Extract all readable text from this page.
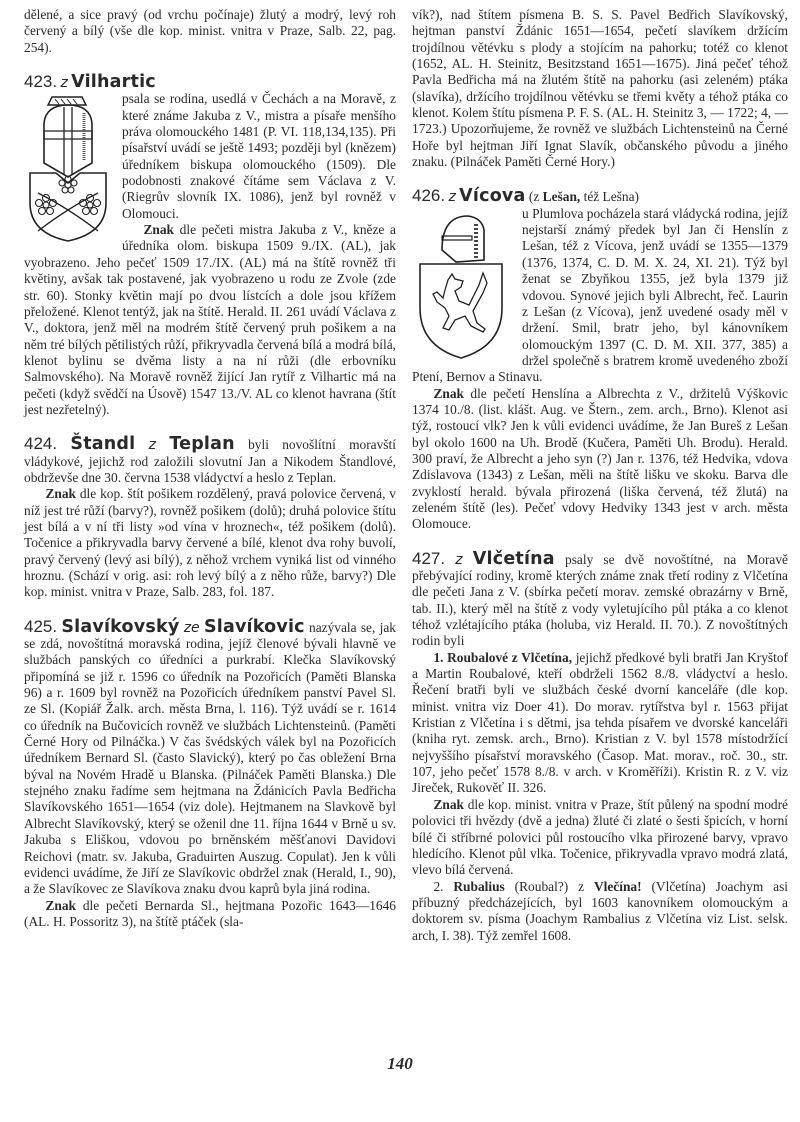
dělené, a sice pravý (od vrchu počínaje) žlutý a modrý, levý roh červený a bílý (vše dle kop. minist. vnitra v Praze, Salb. 22, pag. 254).

423. z Vilhartic

psala se rodina, usedlá v Čechách a na Moravě, z které známe Jakuba z V., mistra a písaře menšího práva olomouckého 1481 (P. VI. 118,134,135). Při písařství uvádí se ještě 1493; později byl (knězem) úředníkem biskupa olomouckého (1509). Dle podobnosti znakové čítáme sem Václava z V. (Riegrův slovník IX. 1086), jenž byl rovněž v Olomouci.

Znak dle pečeti mistra Jakuba z V., kněze a úředníka olom. biskupa 1509 9./IX. (AL), jak vyobrazeno. Jeho pečeť 1509 17./IX. (AL) má na štítě rovněž tři květiny, avšak tak postavené, jak vyobrazeno u rodu ze Zvole (zde str. 60). Stonky květin mají po dvou lístcích a dole jsou křížem přeložené. Klenot tentýž, jak na štítě. Herald. II. 261 uvádí Václava z V., doktora, jenž měl na modrém štítě červený pruh pošikem a na něm tré bílých pětilistých růží, přikryvadla červená bílá a modrá bílá, klenot bylinu se dvěma listy a na ní růži (dle erbovníku Salmovského). Na Moravě rovněž žijící Jan rytíř z Vilhartic má na pečeti (když svědčí na Úsově) 1547 13./V. AL co klenot havrana (štít jest nezřetelný).

424. Štandl z Teplan byli novošlítní moravští vládykové, jejichž rod založili slovutní Jan a Nikodem Štandlové, obdrževše dne 30. června 1538 vládyctví a heslo z Teplan.

Znak dle kop. štít pošikem rozdělený, pravá polovice červená, v níž jest tré růží (barvy?), rovněž pošikem (dolů); druhá polovice štítu jest bílá a v ní tři listy »od vína v hroznech«, též pošikem (dolů). Točenice a přikryvadla barvy červené a bílé, klenot dva rohy buvolí, pravý červený (levý asi bílý), z něhož vrchem vyniká list od vinného hroznu. (Schází v orig. asi: roh levý bílý a z něho růže, barvy?) Dle kop. minist. vnitra v Praze, Salb. 283, fol. 187.

425. Slavíkovský ze Slavíkovic nazývala se, jak se zdá, novoštítná moravská rodina, jejíž členové bývali hlavně ve službách panských co úředníci a purkrabí. Klečka Slavíkovský připomíná se již r. 1596 co úředník na Pozořicích (Paměti Blanska 96) a r. 1609 byl rovněž na Pozořicích úředníkem panství Pavel Sl. ze Sl. (Kopiář Žalk. arch. města Brna, l. 116). Týž uvádí se r. 1614 co úředník na Bučovicích rovněž ve službách Lichtensteinů. (Paměti Černé Hory od Pilnáčka.) V čas švédských válek byl na Pozořicích úředníkem Bernard Sl. (často Slavický), který po čas obležení Brna býval na Novém Hradě u Blanska. (Pilnáček Paměti Blanska.) Dle stejného znaku řadíme sem hejtmana na Ždánicích Pavla Bedřicha Slavíkovského 1651—1654 (viz dole). Hejtmanem na Slavkově byl Albrecht Slavíkovský, který se oženil dne 11. října 1644 v Brně u sv. Jakuba s Eliškou, vdovou po brněnském měšťanovi Davidovi Reichovi (matr. sv. Jakuba, Graduirten Auszug. Copulat). Jen k vůli evidenci uvádíme, že Jiří ze Slavíkovic obdržel znak (Herald, I., 90), a že Slavíkovec ze Slavíkova znaku dvou kaprů byla jiná rodina.

Znak dle pečeti Bernarda Sl., hejtmana Pozořic 1643—1646 (AL. H. Possoritz 3), na štítě ptáček (sla-

vík?), nad štítem písmena B. S. S. Pavel Bedřich Slavíkovský, hejtman panství Ždánic 1651—1654, pečetí slavíkem držícím trojdílnou větévku s plody a stojícím na pahorku; totéž co klenot (1652, AL. H. Steinitz, Besitzstand 1651—1675). Jiná pečeť téhož Pavla Bedřicha má na žlutém štítě na pahorku (asi zeleném) ptáka (slavíka), držícího trojdílnou větévku se třemi květy a téhož ptáka co klenot. Kolem štítu písmena P. F. S. (AL. H. Steinitz 3, — 1722; 4, — 1723.) Upozorňujeme, že rovněž ve službách Lichtensteinů na Černé Hoře byl hejtman Jiří Ignat Slavík, občanského původu a jiného znaku. (Pilnáček Paměti Černé Hory.)

426. z Vícova (z Lešan, též Lešna)

u Plumlova pocházela stará vládycká rodina, jejíž nejstarší známý předek byl Jan či Henslín z Lešan, též z Vícova, jenž uvádí se 1355—1379 (1376, 1374, C. D. M. X. 24, XI. 21). Týž byl ženat se Zbyňkou 1355, jež byla 1379 již vdovou. Synové jejich byli Albrecht, řeč. Laurin z Lešan (z Vícova), jenž uvedené osady měl v držení. Smil, bratr jeho, byl kánovníkem olomouckým 1397 (C. D. M. XII. 377, 385) a držel společně s bratrem kromě uvedeného zboží Ptení, Bernov a Stinavu.

Znak dle pečetí Henslína a Albrechta z V., držitelů Výškovic 1374 10./8. (list. klášt. Aug. ve Štern., zem. arch., Brno). Klenot asi týž, rostoucí vlk? Jen k vůli evidenci uvádíme, že Jan Bureš z Lešan byl okolo 1600 na Uh. Brodě (Kučera, Paměti Uh. Brodu). Herald. 300 praví, že Albrecht a jeho syn (?) Jan r. 1376, též Hedvika, vdova Zdislavova (1343) z Lešan, měli na štítě lišku ve skoku. Barva dle zvyklostí herald. bývala přirozená (liška červená, též žlutá) na zeleném štítě (les). Pečeť vdovy Hedviky 1343 jest v arch. města Olomouce.

427. z Vlčetína psaly se dvě novoštítné, na Moravě přebývající rodiny, kromě kterých známe znak třetí rodiny z Vlčetína dle pečeti Jana z V. (sbírka pečetí morav. zemské obrazárny v Brně, tab. II.), který měl na štítě z vody vyletujícího půl ptáka a co klenot téhož vzlétajícího ptáka (holuba, viz Herald. II. 70.). Z novoštítných rodin byli

1. Roubalové z Vlčetína, jejichž předkové byli bratři Jan Kryštof a Martin Roubalové, kteří obdrželi 1562 8./8. vládyctví a heslo. Řečení bratři byli ve službách české dvorní kanceláře (dle kop. minist. vnitra viz Doer 41). Do morav. rytířstva byl r. 1563 přijat Kristian z Vlčetína i s dětmi, jsa tehda písařem ve dvorské kanceláři (kniha ryt. zemsk. arch., Brno). Kristian z V. byl 1578 místodržící nejvyššího písařství moravského (Časop. Mat. morav., roč. 30., str. 107, jeho pečeť 1578 8./8. v arch. v Kroměříži). Kristin R. z V. viz Jireček, Rukověť II. 326.

Znak dle kop. minist. vnitra v Praze, štít půlený na spodní modré polovici tři hvězdy (dvě a jedna) žluté či zlaté o šesti špicích, v horní bílé či stříbrné polovici půl rostoucího vlka přirozené barvy, vpravo hledícího. Klenot půl vlka. Točenice, přikryvadla vpravo modrá zlatá, vlevo bílá červená.

2. Rubalius (Roubal?) z Vlečína! (Vlčetína) Joachym asi příbuzný předcházejících, byl 1603 kanovníkem olomouckým a doktorem sv. písma (Joachym Rambalius z Vlčetína viz List. selsk. arch, I. 38). Týž zemřel 1608.

140
